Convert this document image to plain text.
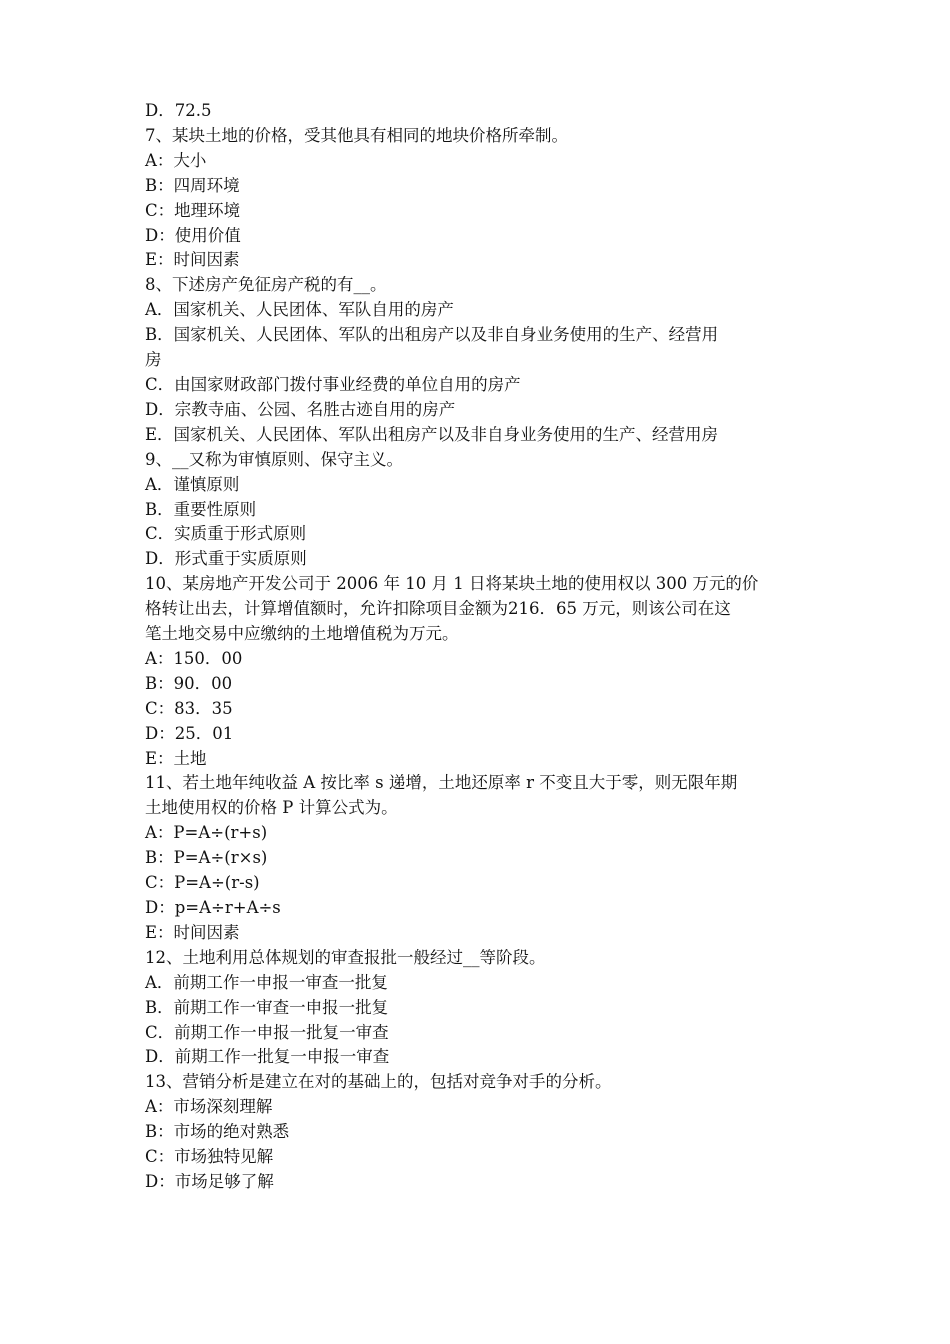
D．72.5

7、某块土地的价格，受其他具有相同的地块价格所牵制。

A：大小

B：四周环境

C：地理环境

D：使用价值

E：时间因素

8、下述房产免征房产税的有__。

A．国家机关、人民团体、军队自用的房产

B．国家机关、人民团体、军队的出租房产以及非自身业务使用的生产、经营用

房

C．由国家财政部门拨付事业经费的单位自用的房产

D．宗教寺庙、公园、名胜古迹自用的房产

E．国家机关、人民团体、军队出租房产以及非自身业务使用的生产、经营用房

9、__又称为审慎原则、保守主义。

A．谨慎原则

B．重要性原则

C．实质重于形式原则

D．形式重于实质原则

10、某房地产开发公司于 2006 年 10 月 1 日将某块土地的使用权以 300 万元的价

格转让出去，计算增值额时，允许扣除项目金额为216．65 万元，则该公司在这

笔土地交易中应缴纳的土地增值税为万元。

A：150．00

B：90．00

C：83．35

D：25．01

E：土地

11、若土地年纯收益 A 按比率 s 递增，土地还原率 r 不变且大于零，则无限年期

土地使用权的价格 P 计算公式为。

A：P=A÷(r+s)

B：P=A÷(r×s)

C：P=A÷(r-s)

D：p=A÷r+A÷s

E：时间因素

12、土地利用总体规划的审查报批一般经过__等阶段。

A．前期工作一申报一审查一批复

B．前期工作一审查一申报一批复

C．前期工作一申报一批复一审查

D．前期工作一批复一申报一审查

13、营销分析是建立在对的基础上的，包括对竞争对手的分析。

A：市场深刻理解

B：市场的绝对熟悉

C：市场独特见解

D：市场足够了解
